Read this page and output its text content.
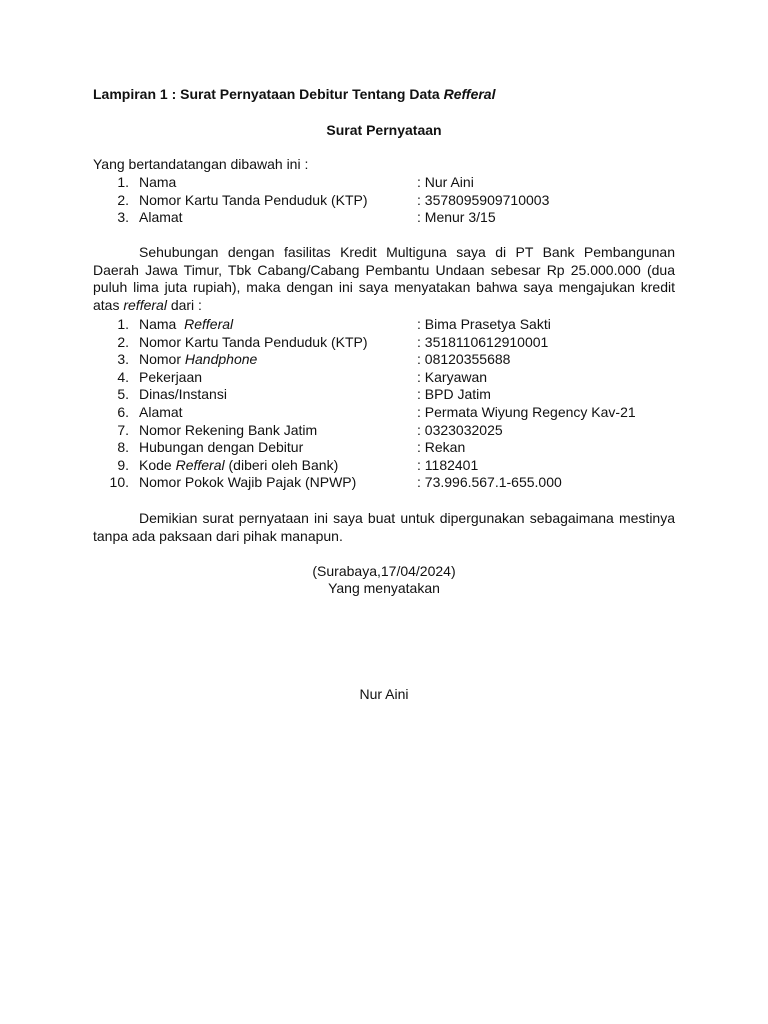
Lampiran 1 : Surat Pernyataan Debitur Tentang Data Refferal
Surat Pernyataan
Yang bertandatangan dibawah ini :
1. Nama	: Nur Aini
2. Nomor Kartu Tanda Penduduk (KTP)	: 3578095909710003
3. Alamat	: Menur 3/15
Sehubungan dengan fasilitas Kredit Multiguna saya di PT Bank Pembangunan
Daerah Jawa Timur, Tbk Cabang/Cabang Pembantu Undaan sebesar Rp 25.000.000 (dua
puluh lima juta rupiah), maka dengan ini saya menyatakan bahwa saya mengajukan kredit
atas refferal dari :
1. Nama  Refferal	: Bima Prasetya Sakti
2. Nomor Kartu Tanda Penduduk (KTP)	: 3518110612910001
3. Nomor Handphone	: 08120355688
4. Pekerjaan	: Karyawan
5. Dinas/Instansi	: BPD Jatim
6. Alamat	: Permata Wiyung Regency Kav-21
7. Nomor Rekening Bank Jatim	: 0323032025
8. Hubungan dengan Debitur	: Rekan
9. Kode Refferal (diberi oleh Bank)	: 1182401
10. Nomor Pokok Wajib Pajak (NPWP)	: 73.996.567.1-655.000
Demikian surat pernyataan ini saya buat untuk dipergunakan sebagaimana mestinya
tanpa ada paksaan dari pihak manapun.
(Surabaya,17/04/2024)
Yang menyatakan
Nur Aini
